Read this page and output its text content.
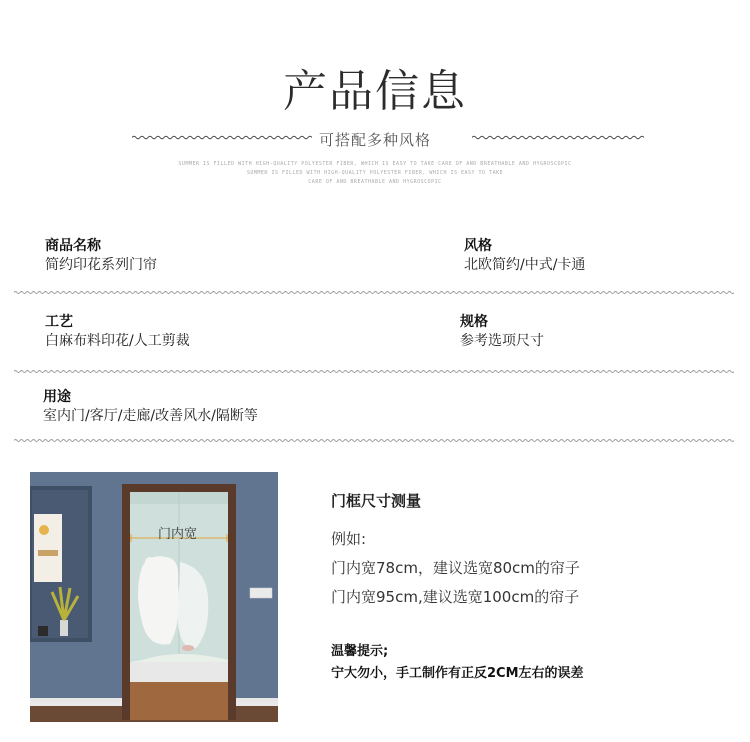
产品信息
可搭配多种风格
SUMMER IS FILLED WITH HIGH-QUALITY POLYESTER FIBER, WHICH IS EASY TO TAKE CARE OF AND BREATHABLE AND HYGROSCOPIC
SUMMER IS FILLED WITH HIGH-QUALITY POLYESTER FIBER, WHICH IS EASY TO TAKE
CARE OF AND BREATHABLE AND HYGROSCOPIC
商品名称
简约印花系列门帘
风格
北欧简约/中式/卡通
工艺
白麻布料印花/人工剪裁
规格
参考选项尺寸
用途
室内门/客厅/走廊/改善风水/隔断等
门内宽
门框尺寸测量
例如:
门内宽78cm，建议选宽80cm的帘子
门内宽95cm,建议选宽100cm的帘子
温馨提示;
宁大勿小，手工制作有正反2CM左右的误差
